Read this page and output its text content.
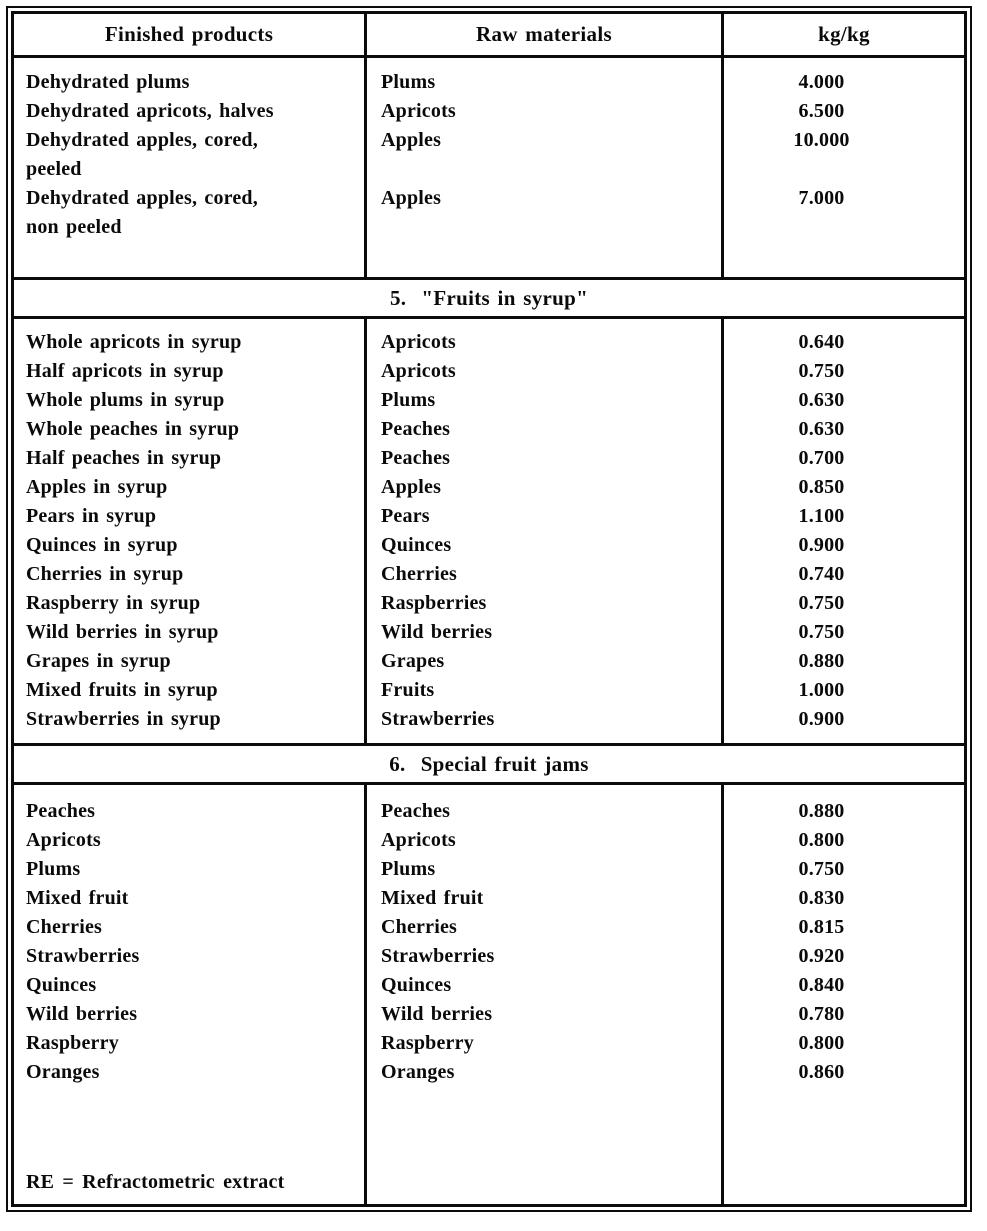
Finished products	Raw materials	kg/kg
Dehydrated plums
Dehydrated apricots, halves
Dehydrated apples, cored,
peeled
Dehydrated apples, cored,
non peeled
Plums
Apricots
Apples

Apples

4.000
6.500
10.000

7.000

5.  "Fruits in syrup"
Whole apricots in syrup
Half apricots in syrup
Whole plums in syrup
Whole peaches in syrup
Half peaches in syrup
Apples in syrup
Pears in syrup
Quinces in syrup
Cherries in syrup
Raspberry in syrup
Wild berries in syrup
Grapes in syrup
Mixed fruits in syrup
Strawberries in syrup
Apricots
Apricots
Plums
Peaches
Peaches
Apples
Pears
Quinces
Cherries
Raspberries
Wild berries
Grapes
Fruits
Strawberries
0.640
0.750
0.630
0.630
0.700
0.850
1.100
0.900
0.740
0.750
0.750
0.880
1.000
0.900
6.  Special fruit jams
Peaches
Apricots
Plums
Mixed fruit
Cherries
Strawberries
Quinces
Wild berries
Raspberry
Oranges
RE = Refractometric extract
Peaches
Apricots
Plums
Mixed fruit
Cherries
Strawberries
Quinces
Wild berries
Raspberry
Oranges
0.880
0.800
0.750
0.830
0.815
0.920
0.840
0.780
0.800
0.860
